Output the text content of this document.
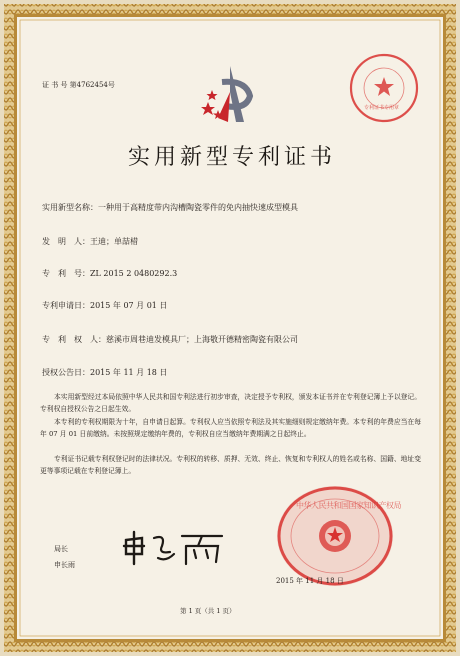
证 书 号 第4762454号
专利证书专用章
实用新型专利证书
实用新型名称：一种用于高精度带内沟槽陶瓷零件的免内抽快速成型模具
发　明　人：王迪；单喆棤
专　利　号：ZL 2015 2 0480292.3
专利申请日：2015 年 07 月 01 日
专　利　权　人：慈溪市周巷迪发模具厂；上海敬开德精密陶瓷有限公司
授权公告日：2015 年 11 月 18 日
本实用新型经过本局依照中华人民共和国专利法进行初步审查，决定授予专利权，颁发本证书并在专利登记簿上予以登记。专利权自授权公告之日起生效。
本专利的专利权期限为十年，自申请日起算。专利权人应当依照专利法及其实施细则规定缴纳年费。本专利的年费应当在每年 07 月 01 日前缴纳。未按照规定缴纳年费的，专利权自应当缴纳年费期满之日起终止。
专利证书记载专利权登记时的法律状况。专利权的转移、质押、无效、终止、恢复和专利权人的姓名或名称、国籍、地址变更等事项记载在专利登记簿上。
局长
申长雨
中华人民共和国国家知识产权局
2015 年 11 月 18 日
第 1 页（共 1 页）
